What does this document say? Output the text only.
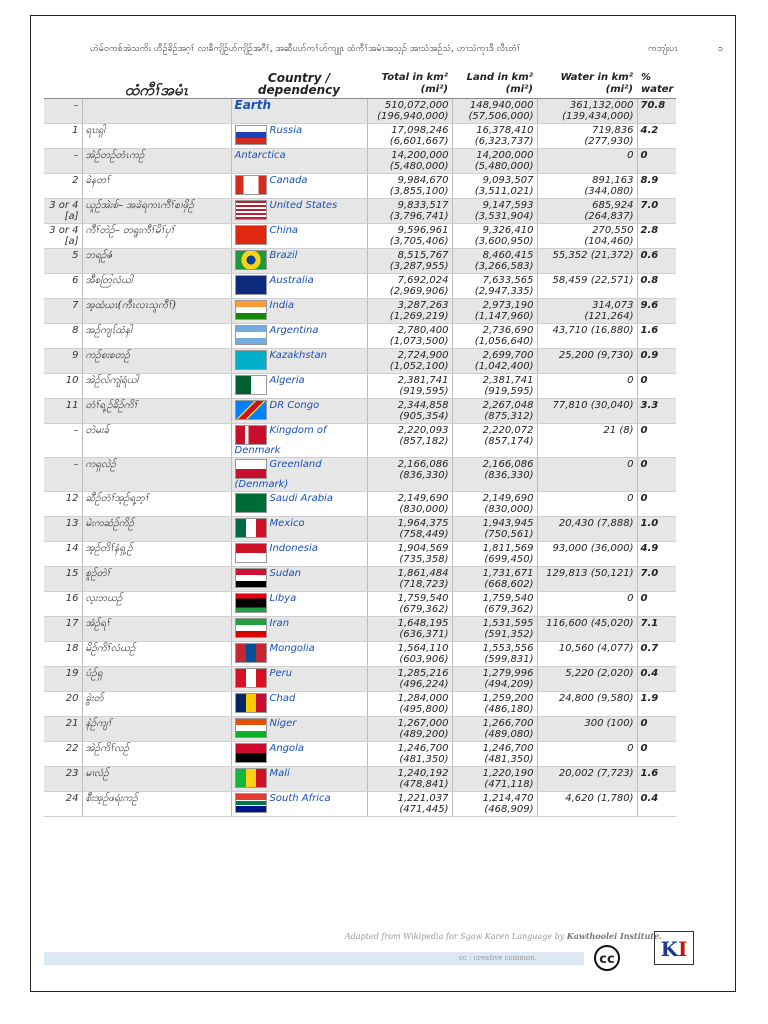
ဟဲမ်ဝကစ်အဲသကိး ဟီဉ်ခိဉ်အဂ့ၢ် လၢခီကျိဉ်ဟ်ကျိဉ်အဂီၢ်, အဆီပဟ်ကၢ်ဟ်ကျူၤ ထံကီၢ်အမံၤအသ့ၣ် အၢသံအဉ်သံ, ဟၢသဲကုၤဒီ လီၤတံၢ်	ကဘျံးပၤ	၁
	ထံကီၢ်အမံၤ	Country / dependency	Total in km² (mi²)	Land in km² (mi²)	Water in km² (mi²)	% water
–		Earth	510,072,000 (196,940,000)	148,940,000 (57,506,000)	361,132,000 (139,434,000)	70.8
1	ရၤးရှါ	Russia	17,098,246 (6,601,667)	16,378,410 (6,323,737)	719,836 (277,930)	4.2
–	အဲဉ်တဉ်တံၤကဉ်	Antarctica	14,200,000 (5,480,000)	14,200,000 (5,480,000)	0	0
2	ခဲနတၢ်	Canada	9,984,670 (3,855,100)	9,093,507 (3,511,021)	891,163 (344,080)	8.9
3 or 4 [a]	ယူဉ်အဲးစ်– အခဲရကၤကီၢ်စၢဖှိဉ်	United States	9,833,517 (3,796,741)	9,147,593 (3,531,904)	685,924 (264,837)	7.0
3 or 4 [a]	ကီၢ်တဲဉ်– တရူးကီၢ်မိၢ်ပှၢ်	China	9,596,961 (3,705,406)	9,326,410 (3,600,950)	270,550 (104,460)	2.8
5	ဘရဉ်ဇံ	Brazil	8,515,767 (3,287,955)	8,460,415 (3,266,583)	55,352 (21,372)	0.6
6	အီစတြလံယါ	Australia	7,692,024 (2,969,906)	7,633,565 (2,947,335)	58,459 (22,571)	0.8
7	အ့ထံယၤ(ကီၤလၤသူကီၢ်)	India	3,287,263 (1,269,219)	2,973,190 (1,147,960)	314,073 (121,264)	9.6
8	အဉ်ကျၤ်ထံနါ	Argentina	2,780,400 (1,073,500)	2,736,690 (1,056,640)	43,710 (16,880)	1.6
9	ကဉ်စးစတဉ်	Kazakhstan	2,724,900 (1,052,100)	2,699,700 (1,042,400)	25,200 (9,730)	0.9
10	အဲဉ်လ်ကျံရံယါ	Algeria	2,381,741 (919,595)	2,381,741 (919,595)	0	0
11	တံၢ်ရ့ဉ်ခိဉ်ကိၢ်	DR Congo	2,344,858 (905,354)	2,267,048 (875,312)	77,810 (30,040)	3.3
–	တဲမးခ်	Kingdom of Denmark	2,220,093 (857,182)	2,220,072 (857,174)	21 (8)	0
–	ကရှလဲဉ်	Greenland (Denmark)	2,166,086 (836,330)	2,166,086 (836,330)	0	0
12	ဆီဉ်တံၢ်အ့ဉ်ရ့ဘ့ၢ်	Saudi Arabia	2,149,690 (830,000)	2,149,690 (830,000)	0	0
13	မဲးကဆံဉ်ကိဉ်	Mexico	1,964,375 (758,449)	1,943,945 (750,561)	20,430 (7,888)	1.0
14	အ့ဉ်တိၢ်နံရှ့ဉ်	Indonesia	1,904,569 (735,358)	1,811,569 (699,450)	93,000 (36,000)	4.9
15	စူဉ်တဲၢ်	Sudan	1,861,484 (718,723)	1,731,671 (668,602)	129,813 (50,121)	7.0
16	လ့းဘယဉ်	Libya	1,759,540 (679,362)	1,759,540 (679,362)	0	0
17	အံဉ်ရၢ်	Iran	1,648,195 (636,371)	1,531,595 (591,352)	116,600 (45,020)	7.1
18	မိဉ်ကိၢ်လံယဉ်	Mongolia	1,564,110 (603,906)	1,553,556 (599,831)	10,560 (4,077)	0.7
19	ပံဉ်ရှ	Peru	1,285,216 (496,224)	1,279,996 (494,209)	5,220 (2,020)	0.4
20	ခွဲးတ်	Chad	1,284,000 (495,800)	1,259,200 (486,180)	24,800 (9,580)	1.9
21	နဲဉ်ကျၢ်	Niger	1,267,000 (489,200)	1,266,700 (489,080)	300 (100)	0
22	အဲဉ်ကိၢ်လဉ်	Angola	1,246,700 (481,350)	1,246,700 (481,350)	0	0
23	မၢလံဉ်	Mali	1,240,192 (478,841)	1,220,190 (471,118)	20,002 (7,723)	1.6
24	စီးအ့ဉ်ဖရံးကဉ်	South Africa	1,221,037 (471,445)	1,214,470 (468,909)	4,620 (1,780)	0.4
Adapted from Wikipedia for Sgaw Karen Language by Kawthoolei Institute.
cc : creative common.	cc	KI
